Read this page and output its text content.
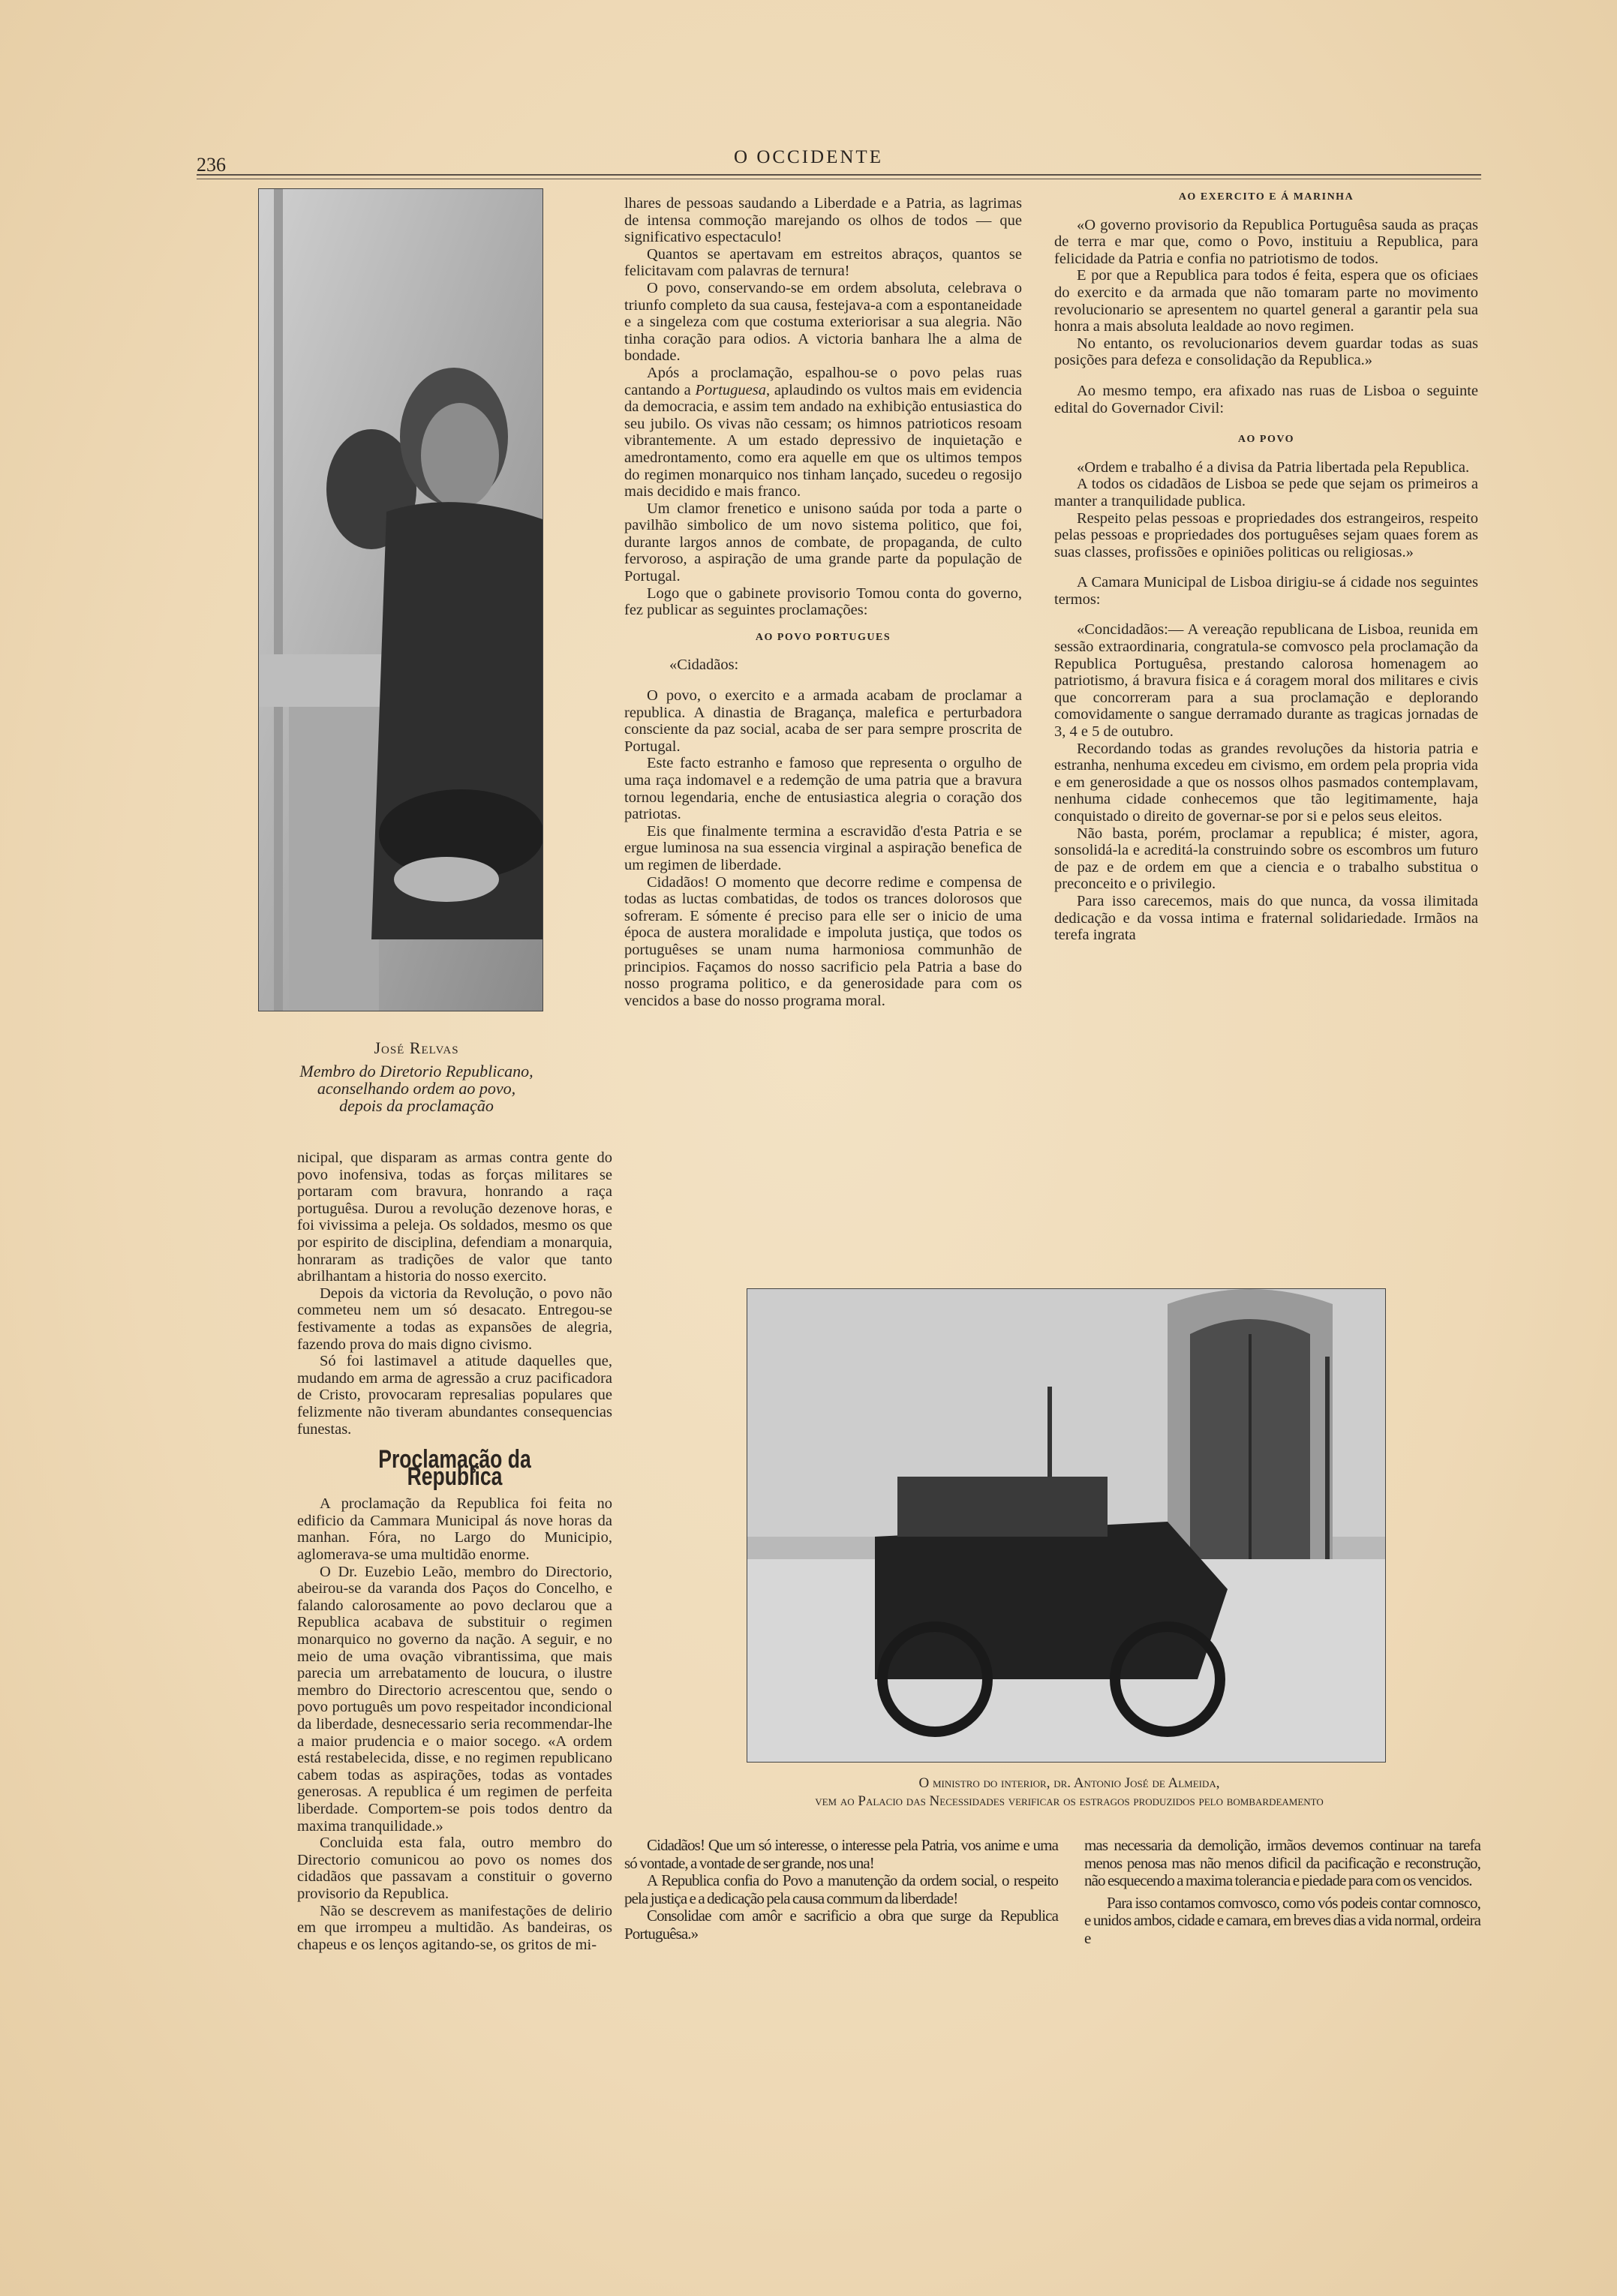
236	O OCCIDENTE
José Relvas
Membro do Diretorio Republicano,
aconselhando ordem ao povo,
depois da proclamação

nicipal, que disparam as armas contra gente do povo inofensiva, todas as forças militares se portaram com bravura, honrando a raça portuguêsa. Durou a revolução dezenove horas, e foi vivissima a peleja. Os soldados, mesmo os que por espirito de disciplina, defendiam a monarquia, honraram as tradições de valor que tanto abrilhantam a historia do nosso exercito.

Depois da victoria da Revolução, o povo não commeteu nem um só desacato. Entregou-se festivamente a todas as expansões de alegria, fazendo prova do mais digno civismo.

Só foi lastimavel a atitude daquelles que, mudando em arma de agressão a cruz pacificadora de Cristo, provocaram represalias populares que felizmente não tiveram abundantes consequencias funestas.

Proclamação da Republica

A proclamação da Republica foi feita no edificio da Cammara Municipal ás nove horas da manhan. Fóra, no Largo do Municipio, aglomerava-se uma multidão enorme.

O Dr. Euzebio Leão, membro do Directorio, abeirou-se da varanda dos Paços do Concelho, e falando calorosamente ao povo declarou que a Republica acabava de substituir o regimen monarquico no governo da nação. A seguir, e no meio de uma ovação vibrantissima, que mais parecia um arrebatamento de loucura, o ilustre membro do Directorio acrescentou que, sendo o povo português um povo respeitador incondicional da liberdade, desnecessario seria recommendar-lhe a maior prudencia e o maior socego. «A ordem está restabelecida, disse, e no regimen republicano cabem todas as aspirações, todas as vontades generosas. A republica é um regimen de perfeita liberdade. Comportem-se pois todos dentro da maxima tranquilidade.»

Concluida esta fala, outro membro do Directorio comunicou ao povo os nomes dos cidadãos que passavam a constituir o governo provisorio da Republica.

Não se descrevem as manifestações de delirio em que irrompeu a multidão. As bandeiras, os chapeus e os lenços agitando-se, os gritos de mi-

lhares de pessoas saudando a Liberdade e a Patria, as lagrimas de intensa commoção marejando os olhos de todos — que significativo espectaculo!

Quantos se apertavam em estreitos abraços, quantos se felicitavam com palavras de ternura!

O povo, conservando-se em ordem absoluta, celebrava o triunfo completo da sua causa, festejava-a com a espontaneidade e a singeleza com que costuma exteriorisar a sua alegria. Não tinha coração para odios. A victoria banhara lhe a alma de bondade.

Após a proclamação, espalhou-se o povo pelas ruas cantando a Portuguesa, aplaudindo os vultos mais em evidencia da democracia, e assim tem andado na exhibição entusiastica do seu jubilo. Os vivas não cessam; os himnos patrioticos resoam vibrantemente. A um estado depressivo de inquietação e amedrontamento, como era aquelle em que os ultimos tempos do regimen monarquico nos tinham lançado, sucedeu o regosijo mais decidido e mais franco.

Um clamor frenetico e unisono saúda por toda a parte o pavilhão simbolico de um novo sistema politico, que foi, durante largos annos de combate, de propaganda, de culto fervoroso, a aspiração de uma grande parte da população de Portugal.

Logo que o gabinete provisorio Tomou conta do governo, fez publicar as seguintes proclamações:

AO POVO PORTUGUES
«Cidadãos:

O povo, o exercito e a armada acabam de proclamar a republica. A dinastia de Bragança, malefica e perturbadora consciente da paz social, acaba de ser para sempre proscrita de Portugal.

Este facto estranho e famoso que representa o orgulho de uma raça indomavel e a redemção de uma patria que a bravura tornou legendaria, enche de entusiastica alegria o coração dos patriotas.

Eis que finalmente termina a escravidão d'esta Patria e se ergue luminosa na sua essencia virginal a aspiração benefica de um regimen de liberdade.

Cidadãos! O momento que decorre redime e compensa de todas as luctas combatidas, de todos os trances dolorosos que sofreram. E sómente é preciso para elle ser o inicio de uma época de austera moralidade e impoluta justiça, que todos os portuguêses se unam numa harmoniosa communhão de principios. Façamos do nosso sacrificio pela Patria a base do nosso programa politico, e da generosidade para com os vencidos a base do nosso programa moral.

AO EXERCITO E Á MARINHA

«O governo provisorio da Republica Portuguêsa sauda as praças de terra e mar que, como o Povo, instituiu a Republica, para felicidade da Patria e confia no patriotismo de todos.

E por que a Republica para todos é feita, espera que os oficiaes do exercito e da armada que não tomaram parte no movimento revolucionario se apresentem no quartel general a garantir pela sua honra a mais absoluta lealdade ao novo regimen.

No entanto, os revolucionarios devem guardar todas as suas posições para defeza e consolidação da Republica.»

Ao mesmo tempo, era afixado nas ruas de Lisboa o seguinte edital do Governador Civil:

AO POVO

«Ordem e trabalho é a divisa da Patria libertada pela Republica.

A todos os cidadãos de Lisboa se pede que sejam os primeiros a manter a tranquilidade publica.

Respeito pelas pessoas e propriedades dos estrangeiros, respeito pelas pessoas e propriedades dos portuguêses sejam quaes forem as suas classes, profissões e opiniões politicas ou religiosas.»

A Camara Municipal de Lisboa dirigiu-se á cidade nos seguintes termos:

«Concidadãos:— A vereação republicana de Lisboa, reunida em sessão extraordinaria, congratula-se comvosco pela proclamação da Republica Portuguêsa, prestando calorosa homenagem ao patriotismo, á bravura fisica e á coragem moral dos militares e civis que concorreram para a sua proclamação e deplorando comovidamente o sangue derramado durante as tragicas jornadas de 3, 4 e 5 de outubro.

Recordando todas as grandes revoluções da historia patria e estranha, nenhuma excedeu em civismo, em ordem pela propria vida e em generosidade a que os nossos olhos pasmados contemplavam, nenhuma cidade conhecemos que tão legitimamente, haja conquistado o direito de governar-se por si e pelos seus eleitos.

Não basta, porém, proclamar a republica; é mister, agora, sonsolidá-la e acreditá-la construindo sobre os escombros um futuro de paz e de ordem em que a ciencia e o trabalho substitua o preconceito e o privilegio.

Para isso carecemos, mais do que nunca, da vossa ilimitada dedicação e da vossa intima e fraternal solidariedade. Irmãos na terefa ingrata

O ministro do interior, dr. Antonio José de Almeida,
vem ao Palacio das Necessidades verificar os estragos produzidos pelo bombardeamento

Cidadãos! Que um só interesse, o interesse pela Patria, vos anime e uma só vontade, a vontade de ser grande, nos una!

A Republica confia do Povo a manutenção da ordem social, o respeito pela justiça e a dedicação pela causa commum da liberdade!

Consolidae com amôr e sacrificio a obra que surge da Republica Portuguêsa.»

mas necessaria da demolição, irmãos devemos continuar na tarefa menos penosa mas não menos dificil da pacificação e reconstrução, não esquecendo a maxima tolerancia e piedade para com os vencidos.

Para isso contamos comvosco, como vós podeis contar comnosco, e unidos ambos, cidade e camara, em breves dias a vida normal, ordeira e
